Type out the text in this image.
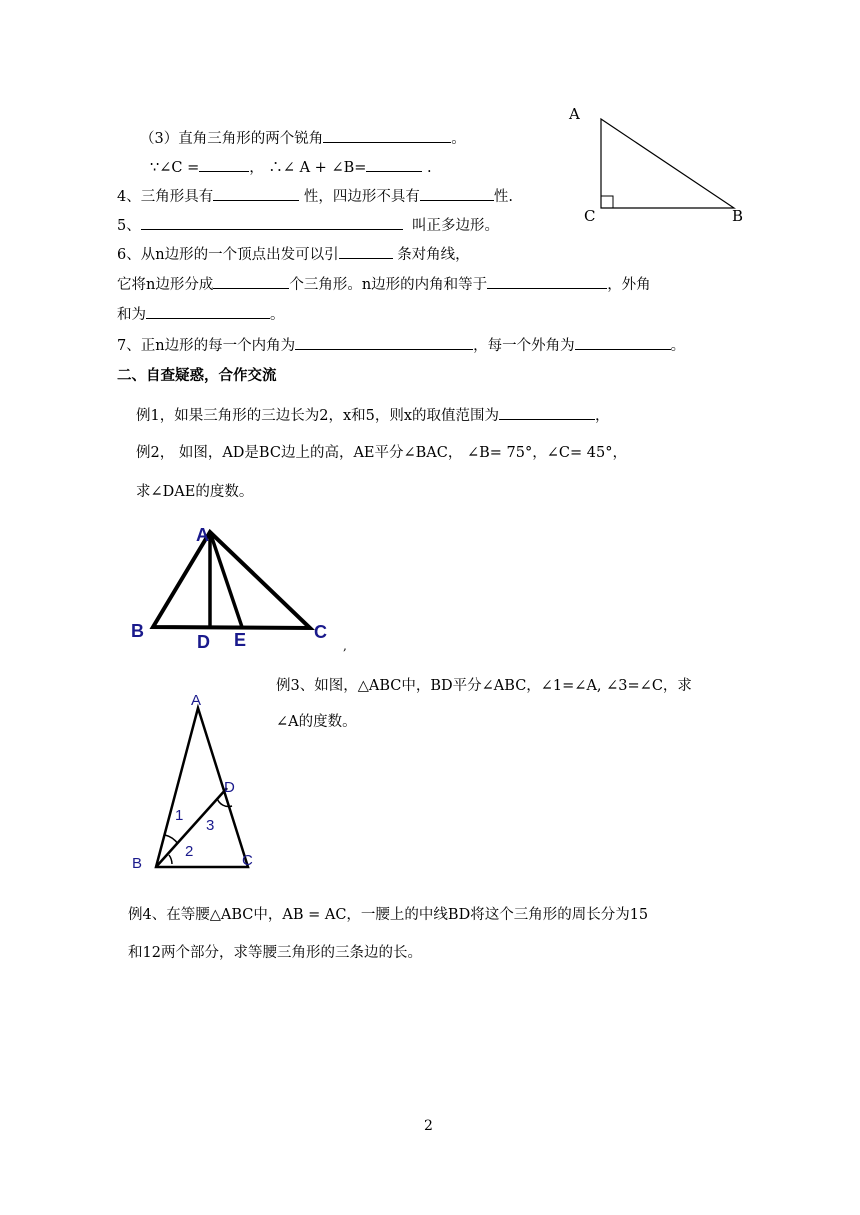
A
C	B
（3）直角三角形的两个锐角	。
∵∠C =	， ∴∠ A + ∠B=	.
4、三角形具有	性，四边形不具有	性.
5、	叫正多边形。
6、从n边形的一个顶点出发可以引	条对角线，
它将n边形分成	个三角形。n边形的内角和等于	，外角
和为	。
7、正n边形的每一个内角为	，每一个外角为	。
二、自查疑惑，合作交流
例1，如果三角形的三边长为2，x和5，则x的取值范围为	，
例2， 如图，AD是BC边上的高，AE平分∠BAC， ∠B= 75°，∠C= 45°，
求∠DAE的度数。
A
B
D E	C
,
例3、如图，△ABC中，BD平分∠ABC，∠1=∠A, ∠3=∠C，求
∠A的度数。
A
D
B	C
1
2
3
例4、在等腰△ABC中，AB = AC，一腰上的中线BD将这个三角形的周长分为15
和12两个部分，求等腰三角形的三条边的长。
2
